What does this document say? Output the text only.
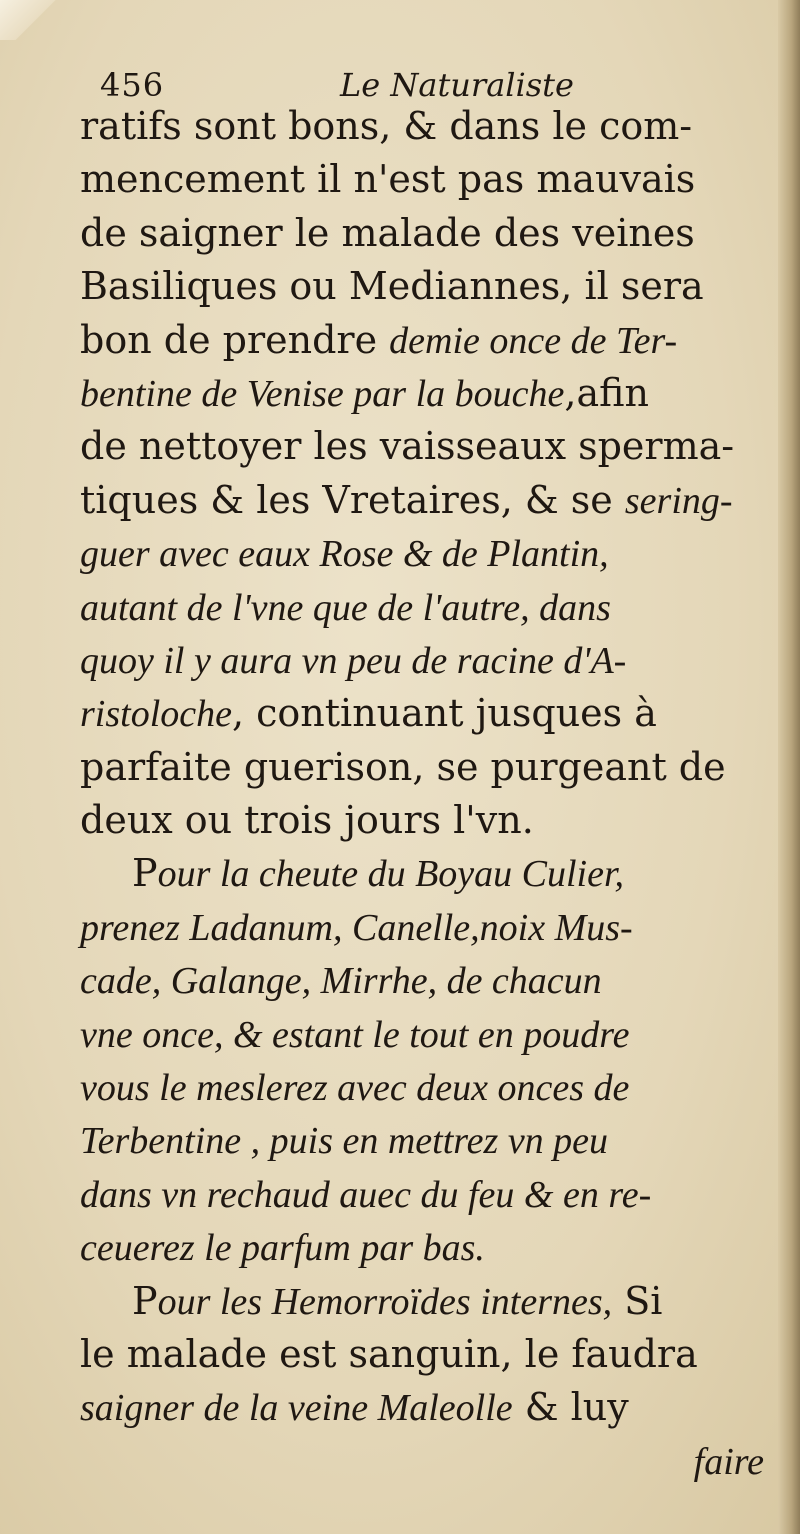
456	Le Naturaliste
ratifs sont bons, & dans le com-
mencement il n'est pas mauvais
de saigner le malade des veines
Basiliques ou Mediannes, il sera
bon de prendre demie once de Ter-
bentine de Venise par la bouche,afin
de nettoyer les vaisseaux sperma-
tiques & les Vretaires, & se sering-
guer avec eaux Rose & de Plantin,
autant de l'vne que de l'autre, dans
quoy il y aura vn peu de racine d'A-
ristoloche, continuant jusques à
parfaite guerison, se purgeant de
deux ou trois jours l'vn.
Pour la cheute du Boyau Culier,
prenez Ladanum, Canelle,noix Mus-
cade, Galange, Mirrhe, de chacun
vne once, & estant le tout en poudre
vous le meslerez avec deux onces de
Terbentine , puis en mettrez vn peu
dans vn rechaud auec du feu & en re-
ceuerez le parfum par bas.
Pour les Hemorroïdes internes, Si
le malade est sanguin, le faudra
saigner de la veine Maleolle & luy
faire
